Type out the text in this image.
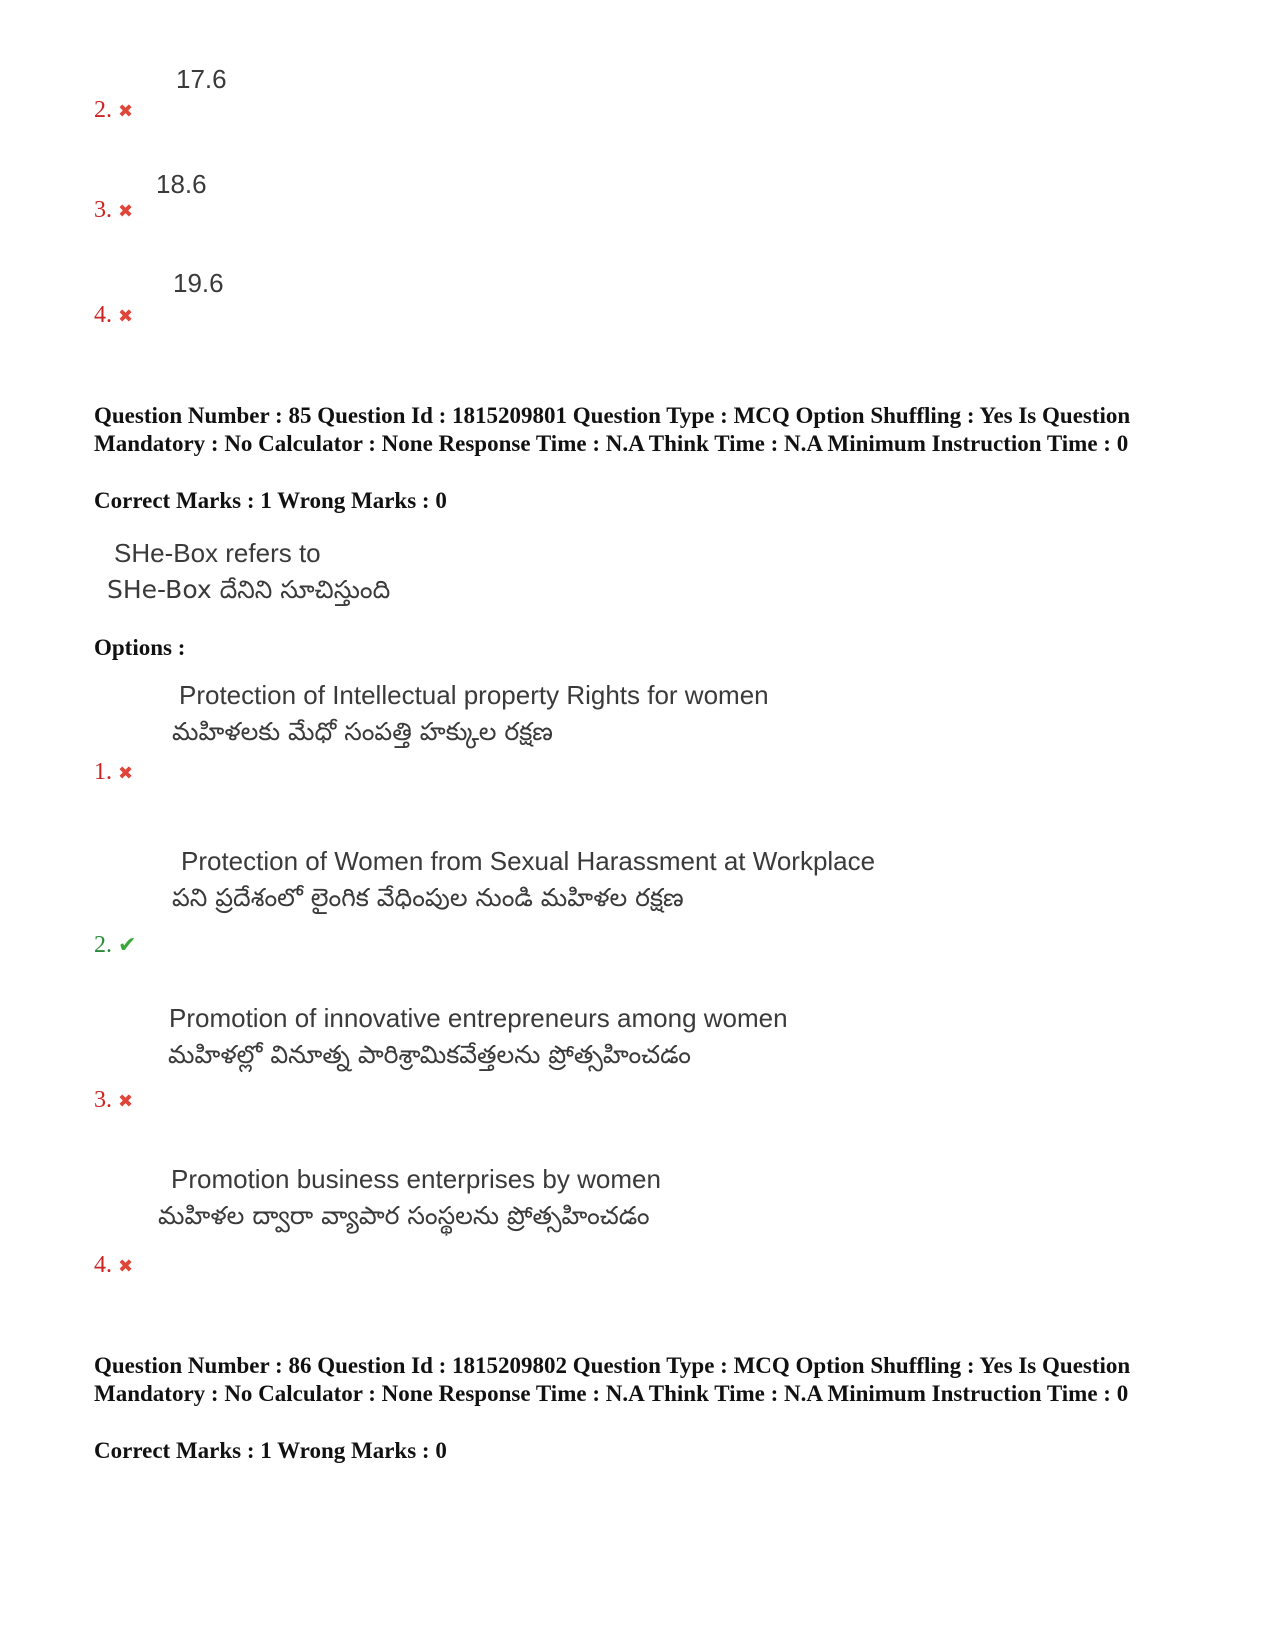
17.6
2. ✖
18.6
3. ✖
19.6
4. ✖
Question Number : 85 Question Id : 1815209801 Question Type : MCQ Option Shuffling : Yes Is Question Mandatory : No Calculator : None Response Time : N.A Think Time : N.A Minimum Instruction Time : 0
Correct Marks : 1 Wrong Marks : 0
SHe-Box refers to
SHe-Box దేనిని సూచిస్తుంది
Options :
Protection of Intellectual property Rights for women
మహిళలకు మేధో సంపత్తి హక్కుల రక్షణ
1. ✖
Protection of Women from Sexual Harassment at Workplace
పని ప్రదేశంలో లైంగిక వేధింపుల నుండి మహిళల రక్షణ
2. ✔
Promotion of innovative entrepreneurs among women
మహిళల్లో వినూత్న పారిశ్రామికవేత్తలను ప్రోత్సహించడం
3. ✖
Promotion business enterprises by women
మహిళల ద్వారా వ్యాపార సంస్థలను ప్రోత్సహించడం
4. ✖
Question Number : 86 Question Id : 1815209802 Question Type : MCQ Option Shuffling : Yes Is Question Mandatory : No Calculator : None Response Time : N.A Think Time : N.A Minimum Instruction Time : 0
Correct Marks : 1 Wrong Marks : 0
